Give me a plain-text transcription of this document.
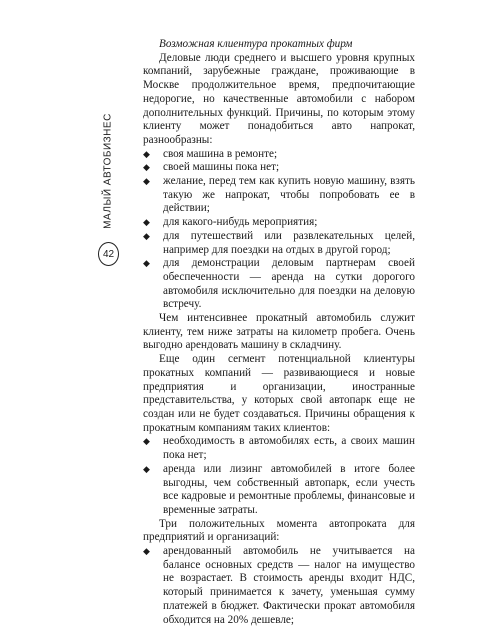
МАЛЫЙ АВТОБИЗНЕС
42

Возможная клиентура прокатных фирм

Деловые люди среднего и высшего уровня крупных компаний, зарубежные граждане, проживающие в Москве продолжительное время, предпочитающие недорогие, но качественные автомобили с набором дополнительных функций. Причины, по которым этому клиенту может понадобиться авто напрокат, разнообразны:

◆ своя машина в ремонте;
◆ своей машины пока нет;
◆ желание, перед тем как купить новую машину, взять такую же напрокат, чтобы попробовать ее в действии;
◆ для какого-нибудь мероприятия;
◆ для путешествий или развлекательных целей, например для поездки на отдых в другой город;
◆ для демонстрации деловым партнерам своей обеспеченности — аренда на сутки дорогого автомобиля исключительно для поездки на деловую встречу.

Чем интенсивнее прокатный автомобиль служит клиенту, тем ниже затраты на километр пробега. Очень выгодно арендовать машину в складчину.

Еще один сегмент потенциальной клиентуры прокатных компаний — развивающиеся и новые предприятия и организации, иностранные представительства, у которых свой автопарк еще не создан или не будет создаваться. Причины обращения к прокатным компаниям таких клиентов:

◆ необходимость в автомобилях есть, а своих машин пока нет;
◆ аренда или лизинг автомобилей в итоге более выгодны, чем собственный автопарк, если учесть все кадровые и ремонтные проблемы, финансовые и временные затраты.

Три положительных момента автопроката для предприятий и организаций:

◆ арендованный автомобиль не учитывается на балансе основных средств — налог на имущество не возрастает. В стоимость аренды входит НДС, который принимается к зачету, уменьшая сумму платежей в бюджет. Фактически прокат автомобиля обходится на 20% дешевле;
